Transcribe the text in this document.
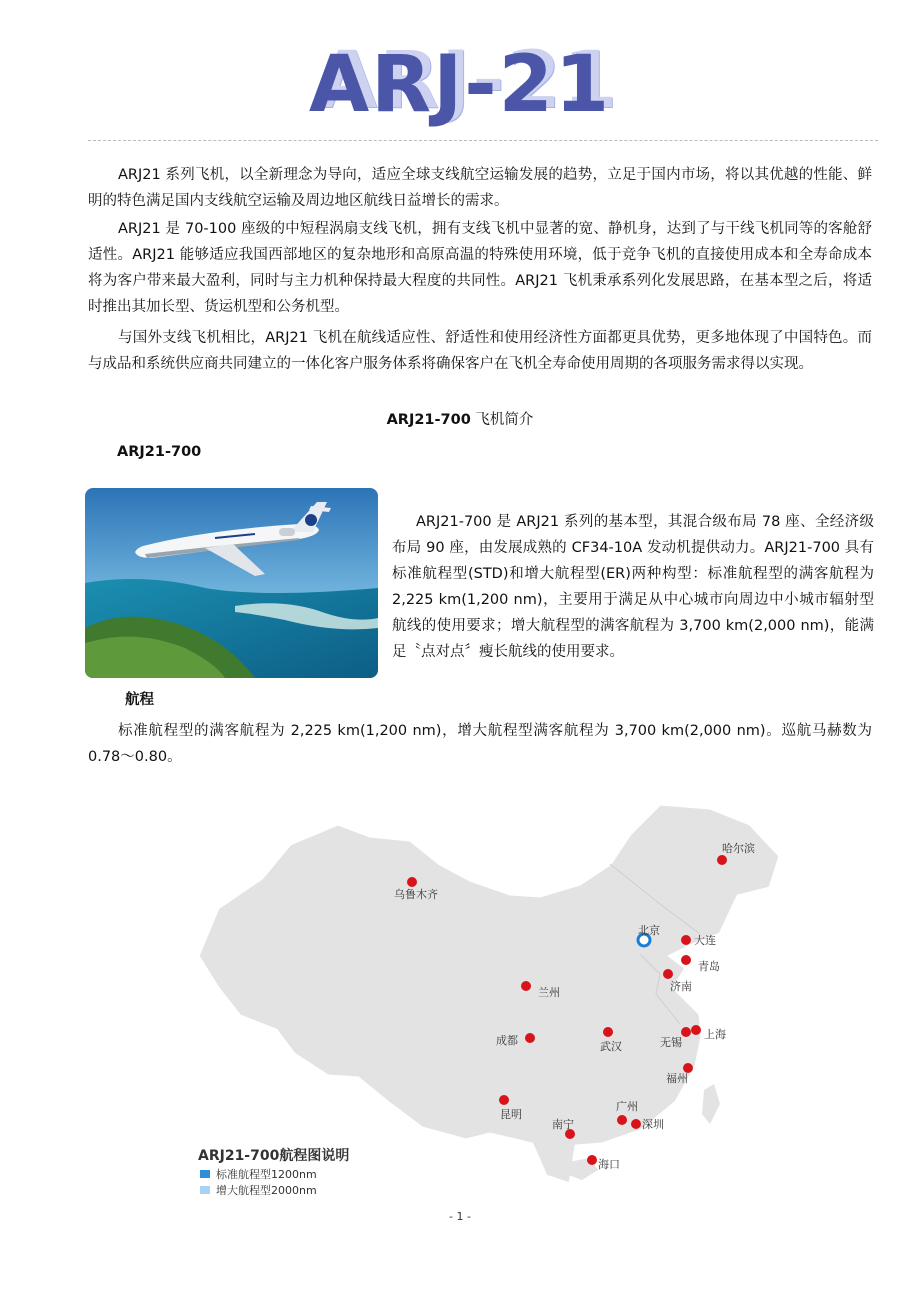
ARJ-21

ARJ21 系列飞机，以全新理念为导向，适应全球支线航空运输发展的趋势，立足于国内市场，将以其优越的性能、鲜明的特色满足国内支线航空运输及周边地区航线日益增长的需求。

ARJ21 是 70-100 座级的中短程涡扇支线飞机，拥有支线飞机中显著的宽、静机身，达到了与干线飞机同等的客舱舒适性。ARJ21 能够适应我国西部地区的复杂地形和高原高温的特殊使用环境，低于竞争飞机的直接使用成本和全寿命成本将为客户带来最大盈利，同时与主力机种保持最大程度的共同性。ARJ21 飞机秉承系列化发展思路，在基本型之后，将适时推出其加长型、货运机型和公务机型。

与国外支线飞机相比，ARJ21 飞机在航线适应性、舒适性和使用经济性方面都更具优势，更多地体现了中国特色。而与成品和系统供应商共同建立的一体化客户服务体系将确保客户在飞机全寿命使用周期的各项服务需求得以实现。

ARJ21-700 飞机简介
ARJ21-700

ARJ21-700 是 ARJ21 系列的基本型，其混合级布局 78 座、全经济级布局 90 座，由发展成熟的 CF34-10A 发动机提供动力。ARJ21-700 具有标准航程型(STD)和增大航程型(ER)两种构型：标准航程型的满客航程为 2,225 km(1,200 nm)，主要用于满足从中心城市向周边中小城市辐射型航线的使用要求；增大航程型的满客航程为 3,700 km(2,000 nm)，能满足〝点对点〞瘦长航线的使用要求。

航程

标准航程型的满客航程为 2,225 km(1,200 nm)，增大航程型满客航程为 3,700 km(2,000 nm)。巡航马赫数为 0.78～0.80。

哈尔滨
乌鲁木齐
北京
大连
青岛
兰州	济南
成都	武汉	无锡
上海
福州
昆明
广州
深圳
南宁
海口
ARJ21-700航程图说明
标准航程型1200nm
增大航程型2000nm
- 1 -
